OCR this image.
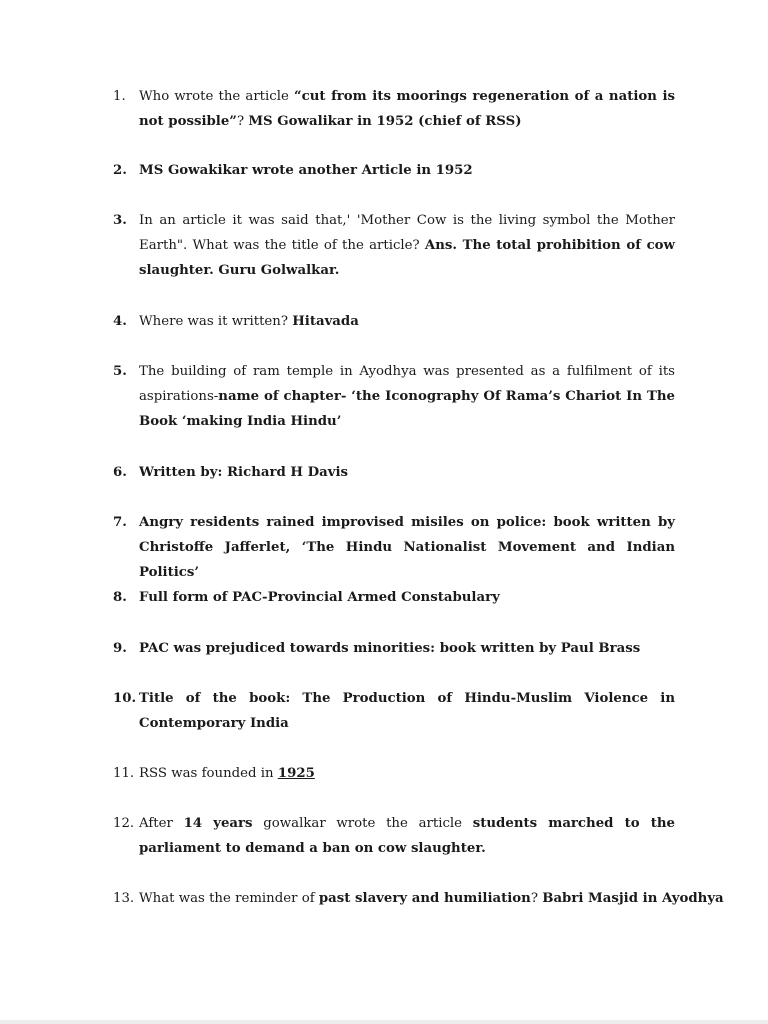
1.	Who wrote the article “cut from its moorings regeneration of a nation is not possible”? MS Gowalikar in 1952 (chief of RSS)
2. MS Gowakikar wrote another Article in 1952
3. In an article it was said that,' 'Mother Cow is the living symbol the Mother Earth". What was the title of the article? Ans. The total prohibition of cow slaughter. Guru Golwalkar.
4. Where was it written? Hitavada
5. The building of ram temple in Ayodhya was presented as a fulfilment of its aspirations-name of chapter- ‘the Iconography Of Rama’s Chariot In The Book ‘making India Hindu’
6. Written by: Richard H Davis
7. Angry residents rained improvised misiles on police: book written by Christoffe Jafferlet, ‘The Hindu Nationalist Movement and Indian Politics’
8. Full form of PAC-Provincial Armed Constabulary
9. PAC was prejudiced towards minorities: book written by Paul Brass
10. Title of the book: The Production of Hindu-Muslim Violence in Contemporary India
11. RSS was founded in 1925
12. After 14 years gowalkar wrote the article students marched to the parliament to demand a ban on cow slaughter.
13. What was the reminder of past slavery and humiliation? Babri Masjid in Ayodhya
